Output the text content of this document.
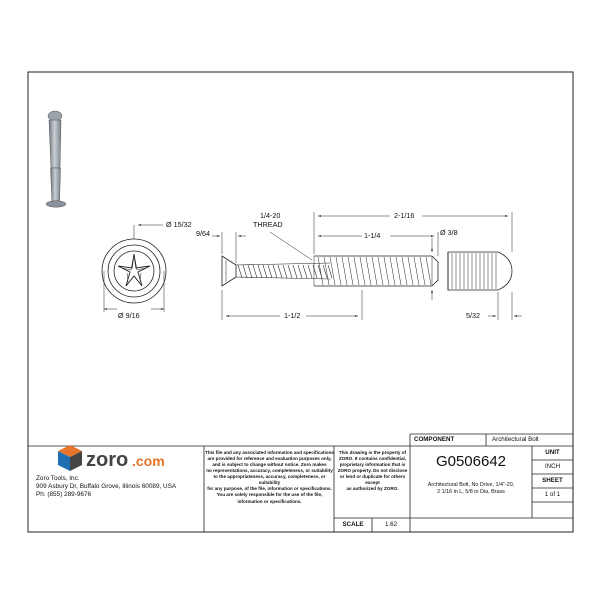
Ø 15/32
Ø 9/16
9/64
1/4-20
THREAD
2-1/16
1-1/4	Ø 3/8
1-1/2	5/32
zoro .com
Zoro Tools, Inc.
909 Asbury Dr, Buffalo Grove, Illinois 60089, USA
Ph: (855) 289-9676
This file and any associated information and specifications
are provided for reference and evaluation purposes only,
and is subject to change without notice. Zoro makes
no representations, accuracy, completeness, or suitability
to the appropriateness, accuracy, completeness, or suitability
for any purpose, of the file, information or specifications.
You are solely responsible for the use of the file,
information or specifications.
This drawing is the property of
ZORO. It contains confidential,
proprietary information that is
ZORO property. Do not disclose
or lend or duplicate for others except
as authorized by ZORO.
COMPONENT	Architectural Bolt
G0506642
Architectural Bolt, No Drive, 1/4"-20,
2 1/16 in L, 5/8 in Dia, Brass
UNIT
INCH
SHEET
1 of 1
SCALE	1.62
